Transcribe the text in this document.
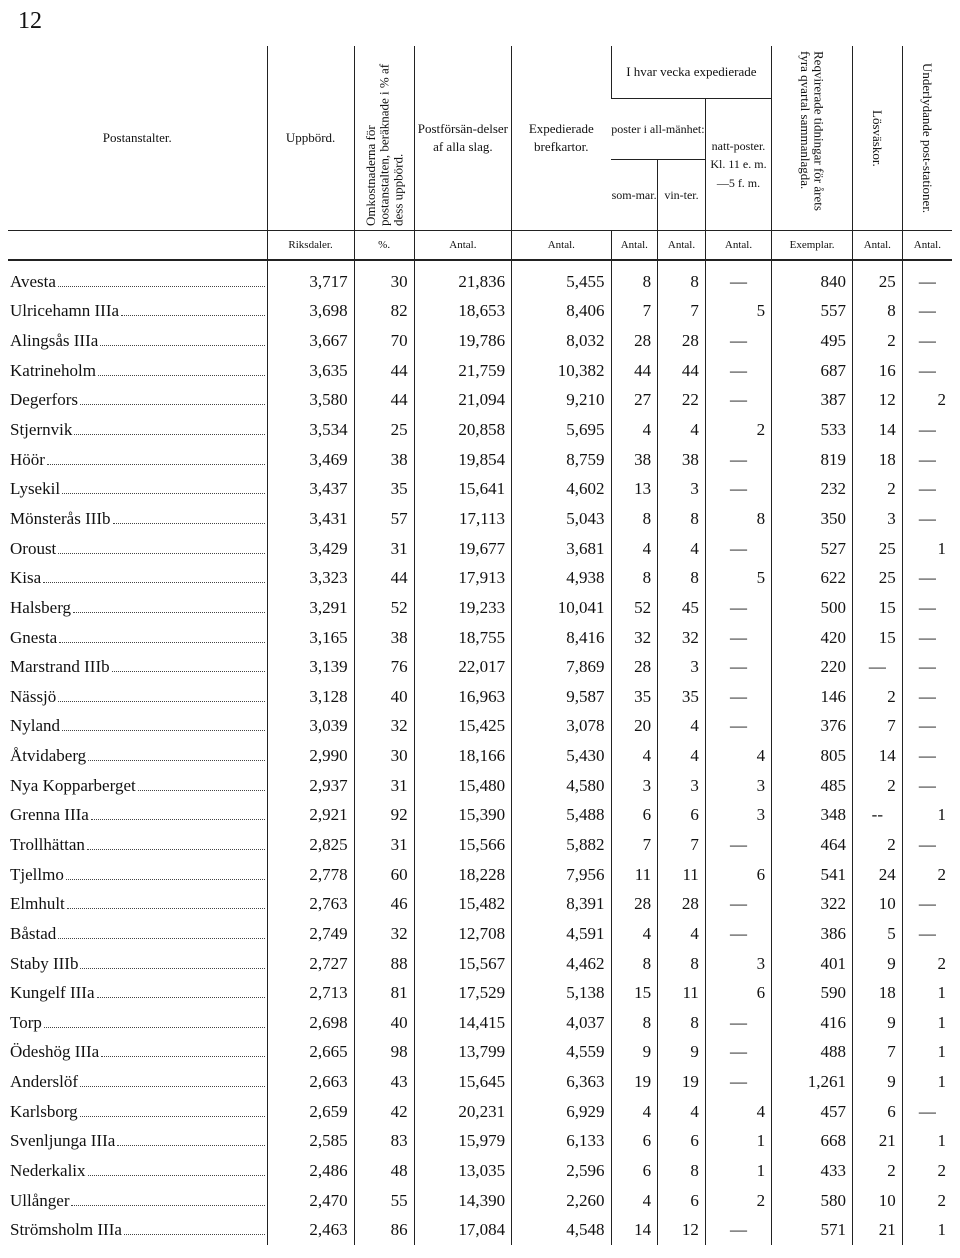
12
Postanstalter.	Uppbörd.	Omkostnaderna för postanstalten, beräknade i % af dess uppbörd.	Postförsän-delser af alla slag.	Expedierade brefkartor.	I hvar vecka expedierade			Reqvirerade tidningar för årets fyra qvartal sammanlagda.	Lösväskor.	Underlydande post-stationer.

					poster i all-mänhet:		natt-poster. Kl. 11 e. m. —5 f. m.			
					som-mar.	vin-ter.				
	Riksdaler.	%.	Antal.	Antal.	Antal.	Antal.	Antal.	Exemplar.	Antal.	Antal.

Avesta	3,717	30	21,836	5,455	8	8	—	840	25	—

Ulricehamn IIIa	3,698	82	18,653	8,406	7	7	5	557	8	—

Alingsås IIIa	3,667	70	19,786	8,032	28	28	—	495	2	—

Katrineholm	3,635	44	21,759	10,382	44	44	—	687	16	—

Degerfors	3,580	44	21,094	9,210	27	22	—	387	12	2

Stjernvik	3,534	25	20,858	5,695	4	4	2	533	14	—

Höör	3,469	38	19,854	8,759	38	38	—	819	18	—

Lysekil	3,437	35	15,641	4,602	13	3	—	232	2	—

Mönsterås IIIb	3,431	57	17,113	5,043	8	8	8	350	3	—

Oroust	3,429	31	19,677	3,681	4	4	—	527	25	1

Kisa	3,323	44	17,913	4,938	8	8	5	622	25	—

Halsberg	3,291	52	19,233	10,041	52	45	—	500	15	—

Gnesta	3,165	38	18,755	8,416	32	32	—	420	15	—

Marstrand IIIb	3,139	76	22,017	7,869	28	3	—	220	—	—

Nässjö	3,128	40	16,963	9,587	35	35	—	146	2	—

Nyland	3,039	32	15,425	3,078	20	4	—	376	7	—

Åtvidaberg	2,990	30	18,166	5,430	4	4	4	805	14	—

Nya Kopparberget	2,937	31	15,480	4,580	3	3	3	485	2	—

Grenna IIIa	2,921	92	15,390	5,488	6	6	3	348	--	1

Trollhättan	2,825	31	15,566	5,882	7	7	—	464	2	—

Tjellmo	2,778	60	18,228	7,956	11	11	6	541	24	2

Elmhult	2,763	46	15,482	8,391	28	28	—	322	10	—

Båstad	2,749	32	12,708	4,591	4	4	—	386	5	—

Staby IIIb	2,727	88	15,567	4,462	8	8	3	401	9	2

Kungelf IIIa	2,713	81	17,529	5,138	15	11	6	590	18	1

Torp	2,698	40	14,415	4,037	8	8	—	416	9	1

Ödeshög IIIa	2,665	98	13,799	4,559	9	9	—	488	7	1

Anderslöf	2,663	43	15,645	6,363	19	19	—	1,261	9	1

Karlsborg	2,659	42	20,231	6,929	4	4	4	457	6	—

Svenljunga IIIa	2,585	83	15,979	6,133	6	6	1	668	21	1

Nederkalix	2,486	48	13,035	2,596	6	8	1	433	2	2

Ullånger	2,470	55	14,390	2,260	4	6	2	580	10	2

Strömsholm IIIa	2,463	86	17,084	4,548	14	12	—	571	21	1
